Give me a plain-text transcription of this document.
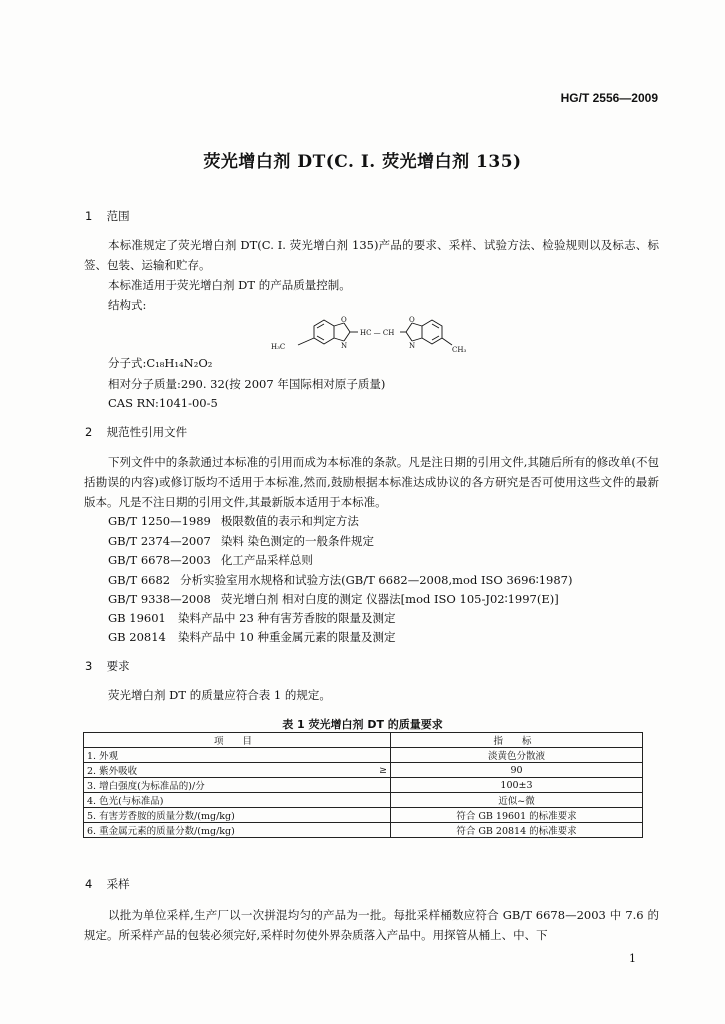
HG/T 2556—2009
荧光增白剂 DT(C. I. 荧光增白剂 135)
1 范围
本标准规定了荧光增白剂 DT(C. I. 荧光增白剂 135)产品的要求、采样、试验方法、检验规则以及标志、标签、包装、运输和贮存。
本标准适用于荧光增白剂 DT 的产品质量控制。
结构式:
H₃C
O
N
HC — CH
O
N	CH₃
分子式:C₁₈H₁₄N₂O₂
相对分子质量:290. 32(按 2007 年国际相对原子质量)
CAS RN:1041-00-5
2 规范性引用文件
下列文件中的条款通过本标准的引用而成为本标准的条款。凡是注日期的引用文件,其随后所有的修改单(不包括勘误的内容)或修订版均不适用于本标准,然而,鼓励根据本标准达成协议的各方研究是否可使用这些文件的最新版本。凡是不注日期的引用文件,其最新版本适用于本标准。
GB/T 1250—1989 极限数值的表示和判定方法
GB/T 2374—2007 染料 染色测定的一般条件规定
GB/T 6678—2003 化工产品采样总则
GB/T 6682 分析实验室用水规格和试验方法(GB/T 6682—2008,mod ISO 3696∶1987)
GB/T 9338—2008 荧光增白剂 相对白度的测定 仪器法[mod ISO 105-J02∶1997(E)]
GB 19601 染料产品中 23 种有害芳香胺的限量及测定
GB 20814 染料产品中 10 种重金属元素的限量及测定
3 要求
荧光增白剂 DT 的质量应符合表 1 的规定。
表 1 荧光增白剂 DT 的质量要求
项 目		指 标
1. 外观		淡黄色分散液
2. 紫外吸收	≥	90
3. 增白强度(为标准品的)/分		100±3
4. 色光(与标准品)		近似~微
5. 有害芳香胺的质量分数/(mg/kg)		符合 GB 19601 的标准要求
6. 重金属元素的质量分数/(mg/kg)		符合 GB 20814 的标准要求
4 采样
以批为单位采样,生产厂以一次拼混均匀的产品为一批。每批采样桶数应符合 GB/T 6678—2003 中 7.6 的规定。所采样产品的包装必须完好,采样时勿使外界杂质落入产品中。用探管从桶上、中、下
1
